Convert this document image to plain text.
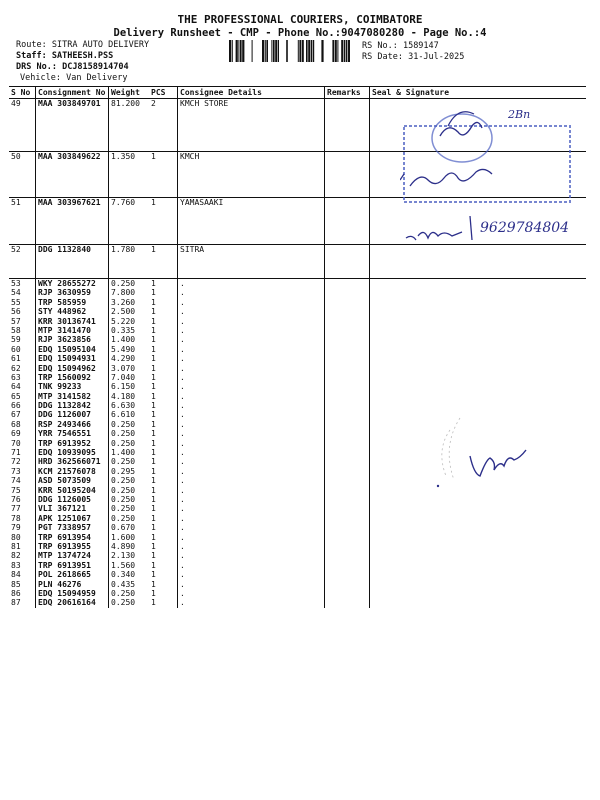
THE PROFESSIONAL COURIERS, COIMBATORE
Delivery Runsheet - CMP - Phone No.:9047080280 - Page No.:4
Route: SITRA AUTO DELIVERY
Staff: SATHEESH.PSS
DRS No.: DCJ8158914704
Vehicle: Van Delivery
RS No.: 1589147
RS Date: 31-Jul-2025
S No	Consignment No	Weight	PCS	Consignee Details	Remarks	Seal & Signature
49	MAA 303849701	81.200	2	KMCH STORE		
50	MAA 303849622	1.350	1	KMCH		
51	MAA 303967621	7.760	1	YAMASAAKI		
52	DDG 1132840	1.780	1	SITRA		
53	WKY 28655272	0.250	1	.		
54	RJP 3630959	7.800	1	.		
55	TRP 585959	3.260	1	.		
56	STY 448962	2.500	1	.		
57	KRR 30136741	5.220	1	.		
58	MTP 3141470	0.335	1	.		
59	RJP 3623856	1.400	1	.		
60	EDQ 15095104	5.490	1	.		
61	EDQ 15094931	4.290	1	.		
62	EDQ 15094962	3.070	1	.		
63	TRP 1560092	7.040	1	.		
64	TNK 99233	6.150	1	.		
65	MTP 3141582	4.180	1	.		
66	DDG 1132842	6.630	1	.		
67	DDG 1126007	6.610	1	.		
68	RSP 2493466	0.250	1	.		
69	YRR 7546551	0.250	1	.		
70	TRP 6913952	0.250	1	.		
71	EDQ 10939095	1.400	1	.		
72	HRD 362566071	0.250	1	.		
73	KCM 21576078	0.295	1	.		
74	ASD 5073509	0.250	1	.		
75	KRR 50195204	0.250	1	.		
76	DDG 1126005	0.250	1	.		
77	VLI 367121	0.250	1	.		
78	APK 1251067	0.250	1	.		
79	PGT 7338957	0.670	1	.		
80	TRP 6913954	1.600	1	.		
81	TRP 6913955	4.890	1	.		
82	MTP 1374724	2.130	1	.		
83	TRP 6913951	1.560	1	.		
84	POL 2618665	0.340	1	.		
85	PLN 46276	0.435	1	.		
86	EDQ 15094959	0.250	1	.		
87	EDQ 20616164	0.250	1	.		
2Bn
9629784804
